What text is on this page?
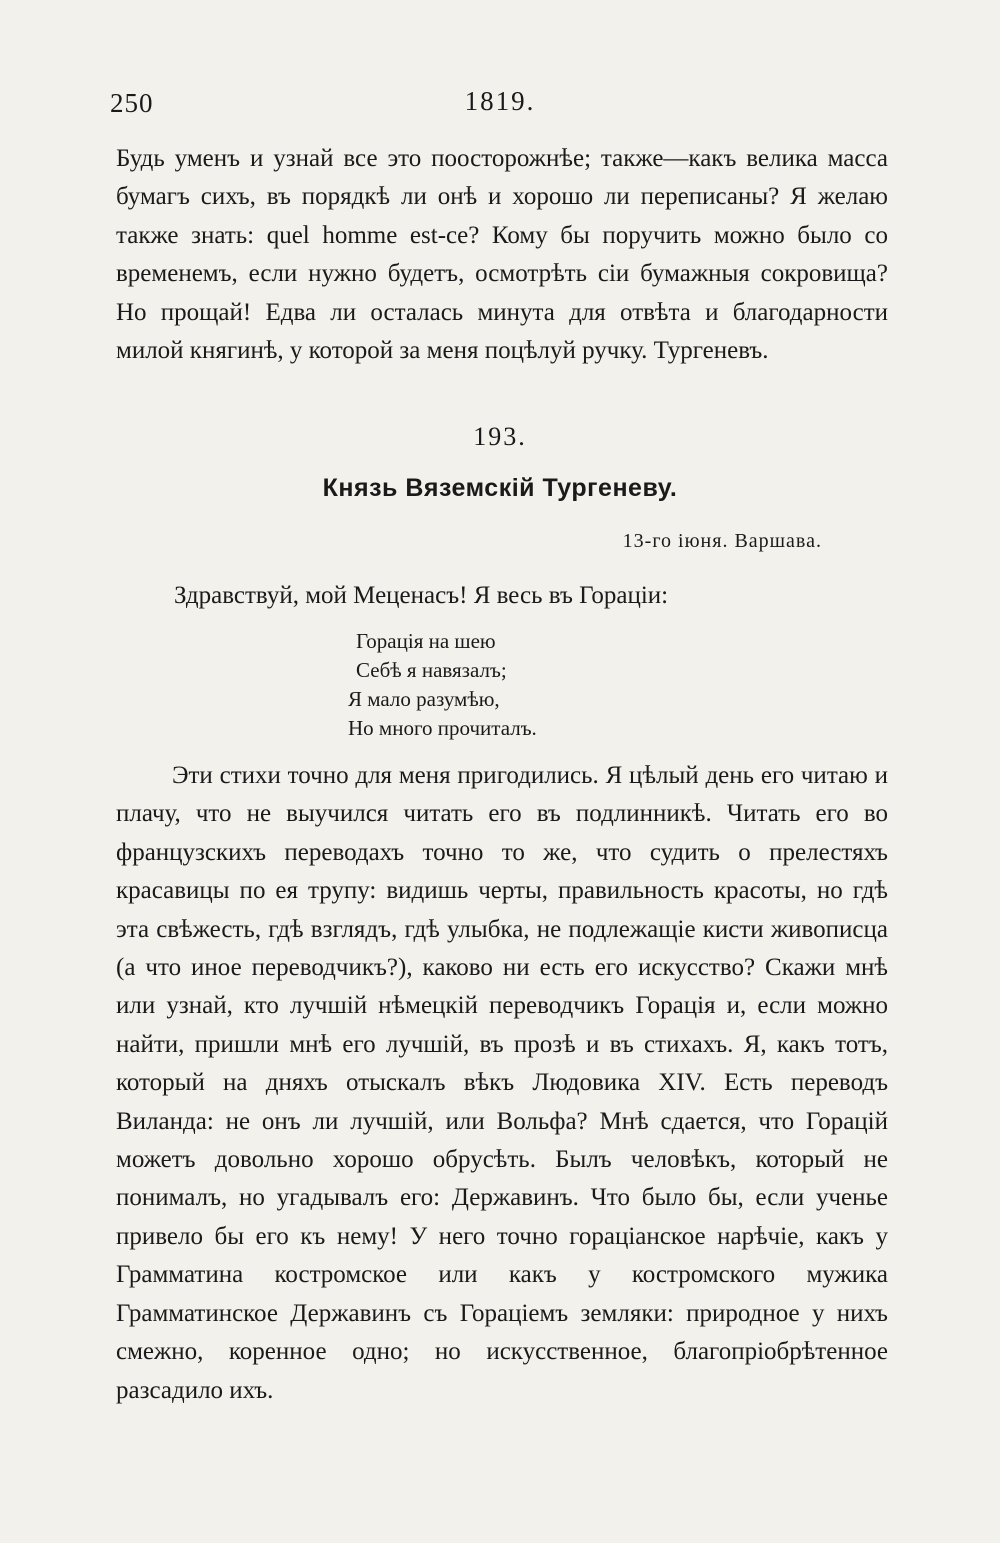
250	1819.

Будь уменъ и узнай все это поосторожнѣе; также—какъ велика масса бумагъ сихъ, въ порядкѣ ли онѣ и хорошо ли переписаны? Я желаю также знать: quel homme est-ce? Кому бы поручить можно было со временемъ, если нужно будетъ, осмотрѣть сіи бумажныя сокровища? Но прощай! Едва ли осталась минута для отвѣта и благодарности милой княгинѣ, у которой за меня поцѣлуй ручку. Тургеневъ.

193.
Князь Вяземскій Тургеневу.
13-го іюня. Варшава.
Здравствуй, мой Меценасъ! Я весь въ Гораціи:
Горацiя на шею
Себѣ я навязалъ;
Я мало разумѣю,
Но много прочиталъ.

Эти стихи точно для меня пригодились. Я цѣлый день его читаю и плачу, что не выучился читать его въ подлинникѣ. Читать его во французскихъ переводахъ точно то же, что судить о прелестяхъ красавицы по ея трупу: видишь черты, правильность красоты, но гдѣ эта свѣжесть, гдѣ взглядъ, гдѣ улыбка, не подлежащіе кисти живописца (а что иное переводчикъ?), каково ни есть его искусство? Скажи мнѣ или узнай, кто лучшій нѣмецкій переводчикъ Горацiя и, если можно найти, пришли мнѣ его лучшій, въ прозѣ и въ стихахъ. Я, какъ тотъ, который на дняхъ отыскалъ вѣкъ Людовика XIV. Есть переводъ Виланда: не онъ ли лучшій, или Вольфа? Мнѣ сдается, что Горацій можетъ довольно хорошо обрусѣть. Былъ человѣкъ, который не понималъ, но угадывалъ его: Державинъ. Что было бы, если ученье привело бы его къ нему! У него точно гораціанское нарѣчіе, какъ у Грамматина костромское или какъ у костромского мужика Грамматинское Державинъ съ Гораціемъ земляки: природное у нихъ смежно, коренное одно; но искусственное, благопріобрѣтенное разсадило ихъ.
